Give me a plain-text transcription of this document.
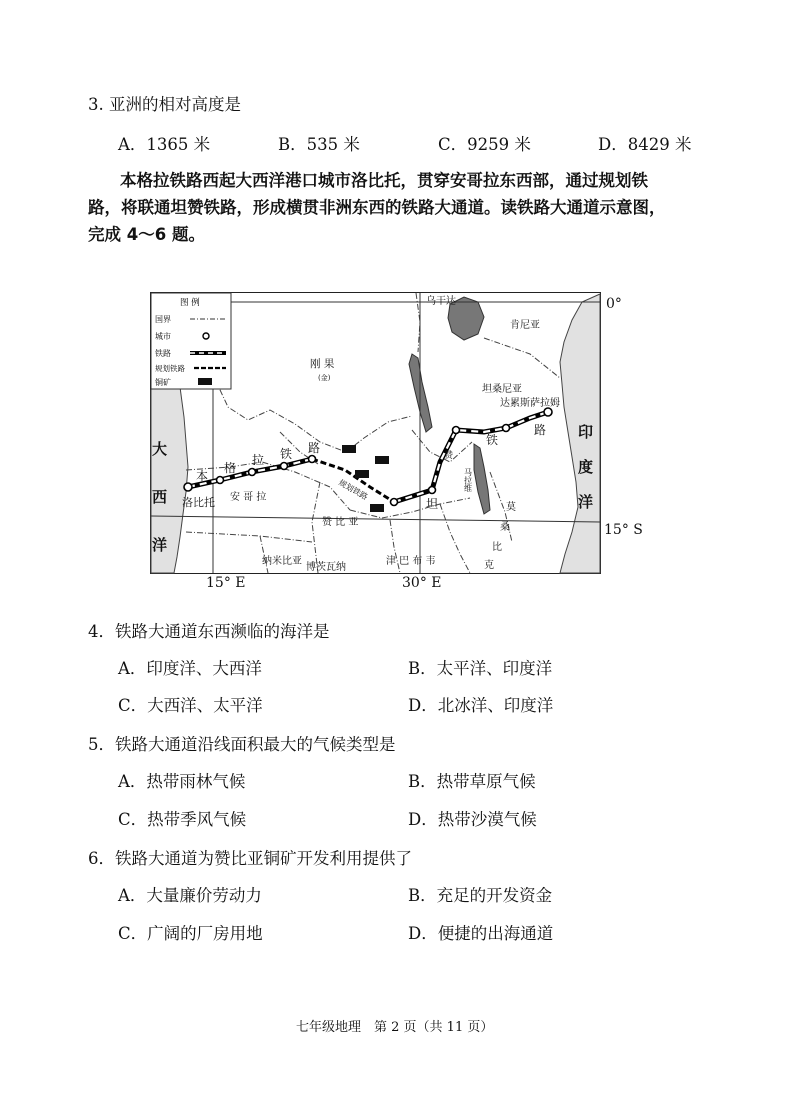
3. 亚洲的相对高度是
A．1365 米	B．535 米	C．9259 米	D．8429 米
本格拉铁路西起大西洋港口城市洛比托，贯穿安哥拉东西部，通过规划铁
路，将联通坦赞铁路，形成横贯非洲东西的铁路大通道。读铁路大通道示意图，
完成 4～6 题。
图 例
国界
城市
铁路
规划铁路
铜矿
乌干达
肯尼亚
刚 果
(金)
坦桑尼亚
达累斯萨拉姆
大
西
洋
印
度
洋
洛比托 安 哥 拉
赞 比 亚
纳米比亚
博茨瓦纳
津 巴 布 韦
马拉维
莫
桑
比
克
本
格
拉 铁 路
坦
赞
铁
路
规划铁路
0°
15° S
15° E	30° E
4．铁路大通道东西濒临的海洋是
A．印度洋、大西洋	B．太平洋、印度洋
C．大西洋、太平洋	D．北冰洋、印度洋
5．铁路大通道沿线面积最大的气候类型是
A．热带雨林气候	B．热带草原气候
C．热带季风气候	D．热带沙漠气候
6．铁路大通道为赞比亚铜矿开发利用提供了
A．大量廉价劳动力	B．充足的开发资金
C．广阔的厂房用地	D．便捷的出海通道
七年级地理　第 2 页（共 11 页）
